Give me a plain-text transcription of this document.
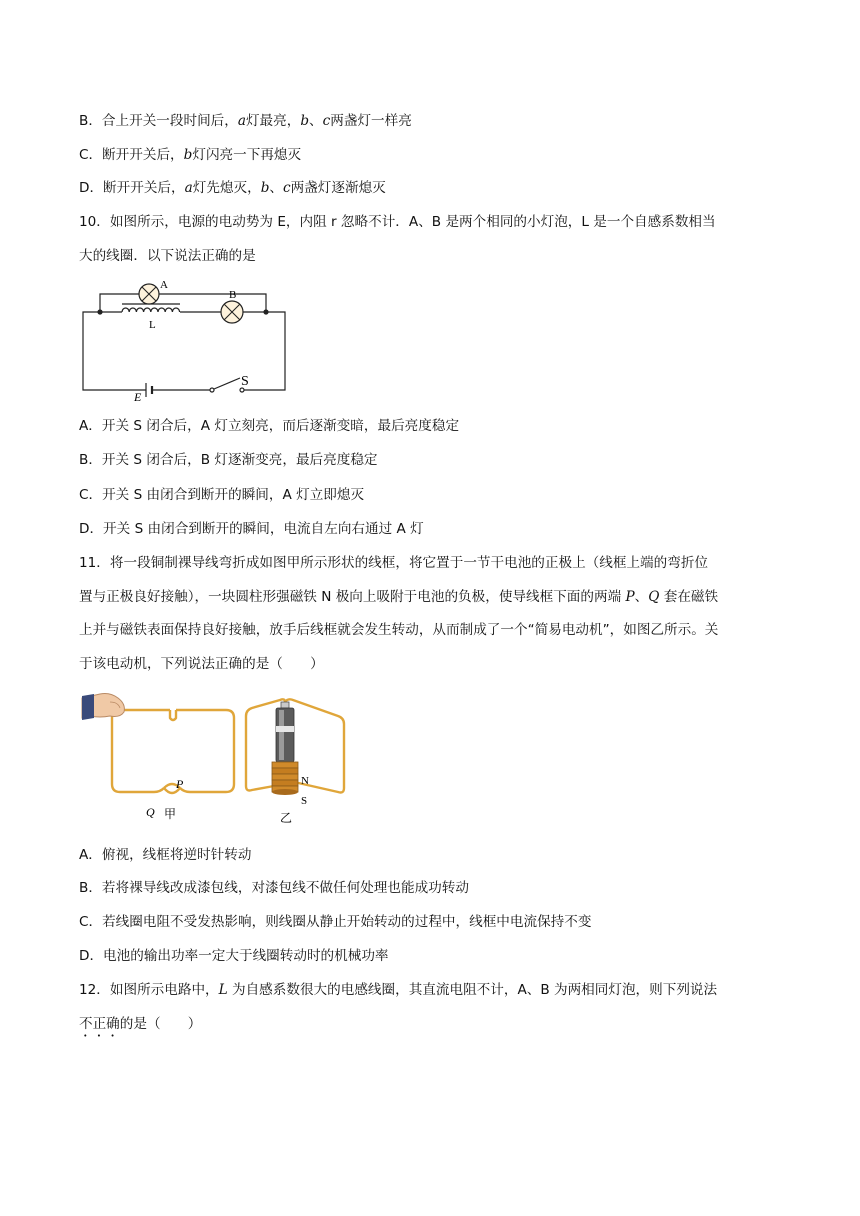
B．合上开关一段时间后，a灯最亮，b、c两盏灯一样亮
C．断开开关后，b灯闪亮一下再熄灭
D．断开开关后，a灯先熄灭，b、c两盏灯逐渐熄灭
10．如图所示，电源的电动势为 E，内阻 r 忽略不计．A、B 是两个相同的小灯泡，L 是一个自感系数相当
大的线圈．以下说法正确的是
A
B
L
E
S
A．开关 S 闭合后，A 灯立刻亮，而后逐渐变暗，最后亮度稳定
B．开关 S 闭合后，B 灯逐渐变亮，最后亮度稳定
C．开关 S 由闭合到断开的瞬间，A 灯立即熄灭
D．开关 S 由闭合到断开的瞬间，电流自左向右通过 A 灯
11．将一段铜制裸导线弯折成如图甲所示形状的线框，将它置于一节干电池的正极上（线框上端的弯折位
置与正极良好接触），一块圆柱形强磁铁 N 极向上吸附于电池的负极，使导线框下面的两端 P、Q 套在磁铁
上并与磁铁表面保持良好接触，放手后线框就会发生转动，从而制成了一个“简易电动机”，如图乙所示。关
于该电动机，下列说法正确的是（　　）
P
Q 甲
N
S
乙
A．俯视，线框将逆时针转动
B．若将裸导线改成漆包线，对漆包线不做任何处理也能成功转动
C．若线圈电阻不受发热影响，则线圈从静止开始转动的过程中，线框中电流保持不变
D．电池的输出功率一定大于线圈转动时的机械功率
12．如图所示电路中，L 为自感系数很大的电感线圈，其直流电阻不计，A、B 为两相同灯泡，则下列说法
不正确的是（　　）
